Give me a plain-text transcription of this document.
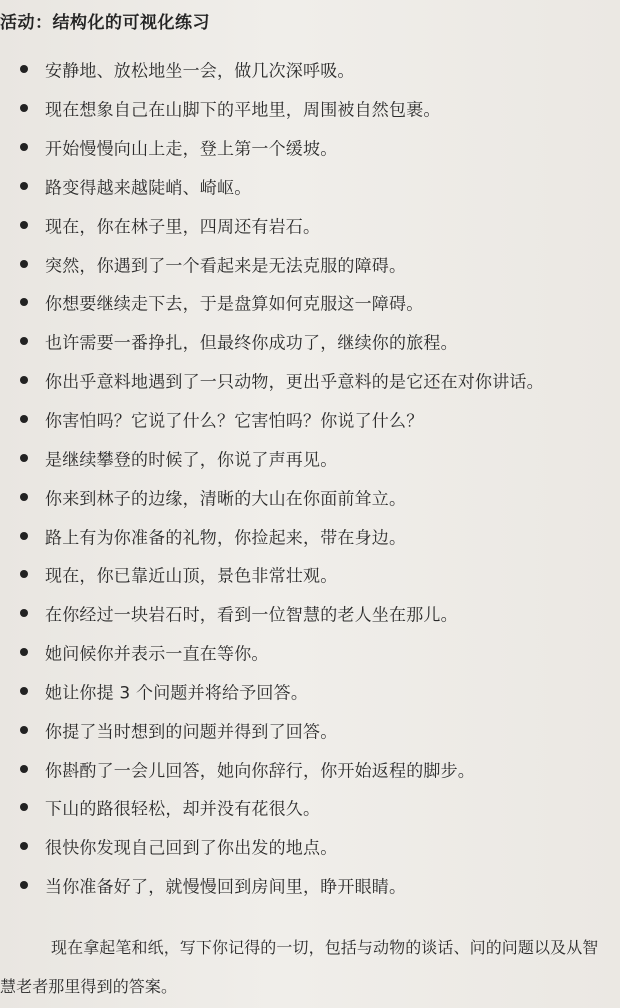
活动：结构化的可视化练习
安静地、放松地坐一会，做几次深呼吸。
现在想象自己在山脚下的平地里，周围被自然包裹。
开始慢慢向山上走，登上第一个缓坡。
路变得越来越陡峭、崎岖。
现在，你在林子里，四周还有岩石。
突然，你遇到了一个看起来是无法克服的障碍。
你想要继续走下去，于是盘算如何克服这一障碍。
也许需要一番挣扎，但最终你成功了，继续你的旅程。
你出乎意料地遇到了一只动物，更出乎意料的是它还在对你讲话。
你害怕吗？它说了什么？它害怕吗？你说了什么？
是继续攀登的时候了，你说了声再见。
你来到林子的边缘，清晰的大山在你面前耸立。
路上有为你准备的礼物，你捡起来，带在身边。
现在，你已靠近山顶，景色非常壮观。
在你经过一块岩石时，看到一位智慧的老人坐在那儿。
她问候你并表示一直在等你。
她让你提 3 个问题并将给予回答。
你提了当时想到的问题并得到了回答。
你斟酌了一会儿回答，她向你辞行，你开始返程的脚步。
下山的路很轻松，却并没有花很久。
很快你发现自己回到了你出发的地点。
当你准备好了，就慢慢回到房间里，睁开眼睛。
现在拿起笔和纸，写下你记得的一切，包括与动物的谈话、问的问题以及从智慧老者那里得到的答案。
